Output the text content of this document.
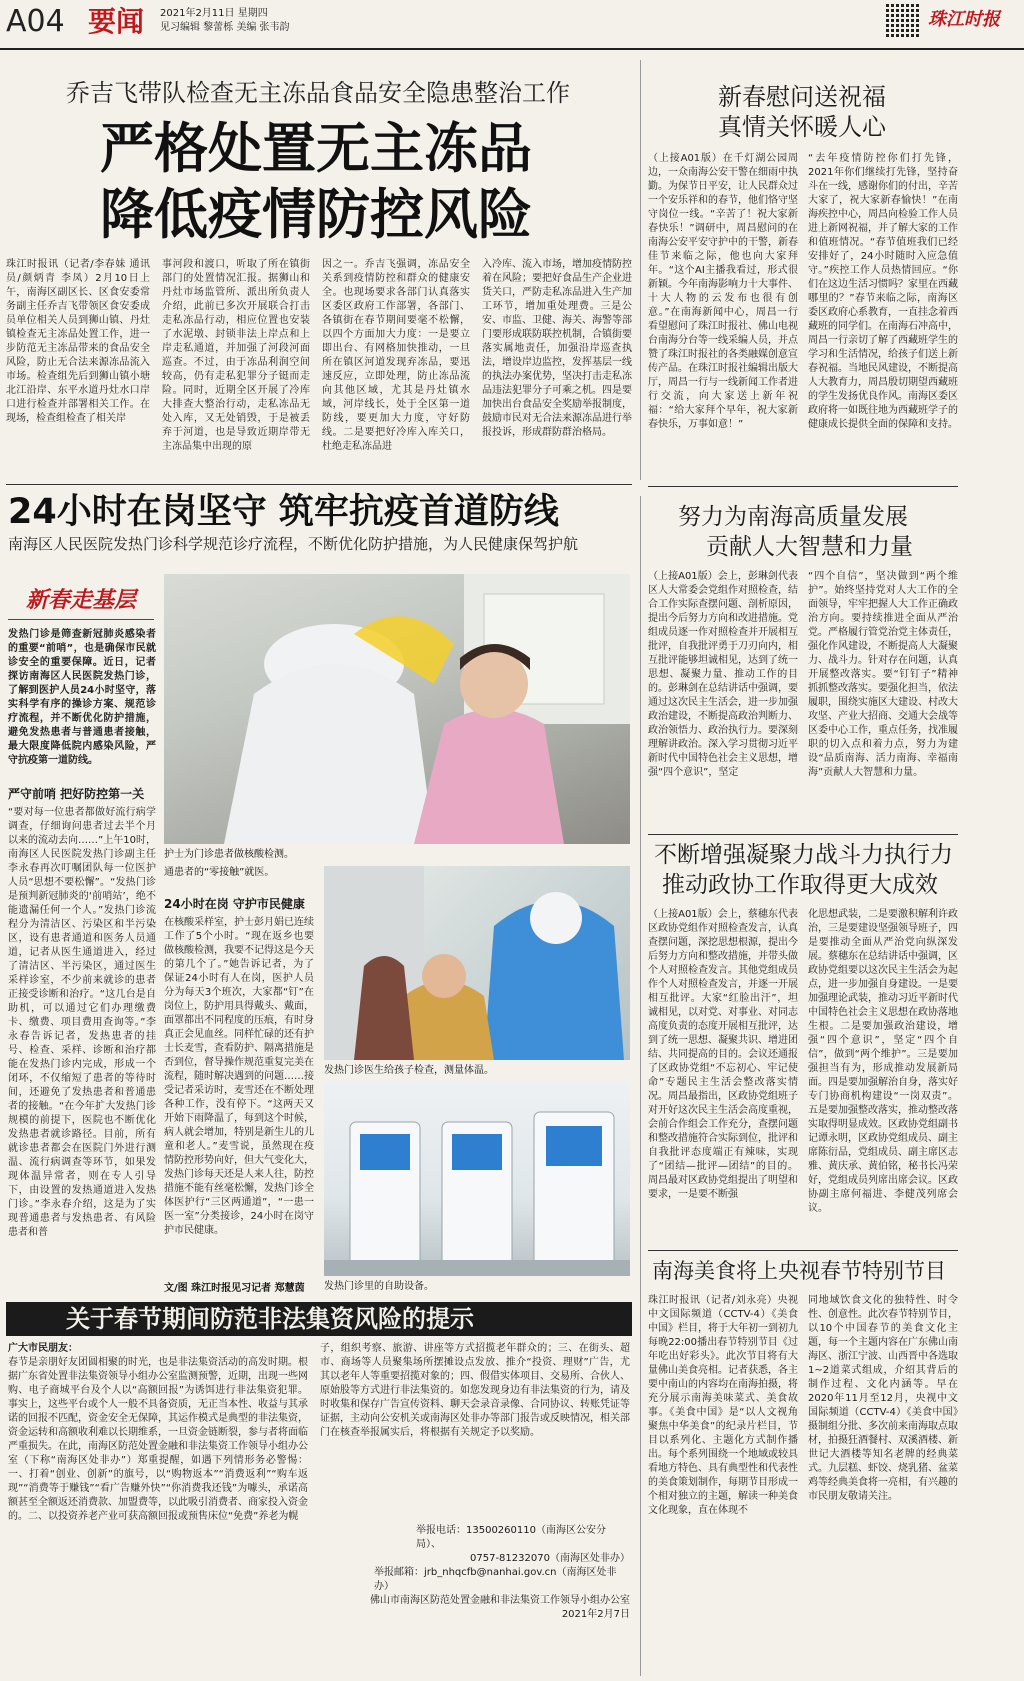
A04 要闻 2021年2月11日 星期四
见习编辑 黎蕾栎 美编 张韦韵	珠江时报
乔吉飞带队检查无主冻品食品安全隐患整治工作
严格处置无主冻品
降低疫情防控风险
珠江时报讯（记者/李春妹 通讯员/颜炳青 李凤）2月10日上午，南海区副区长、区食安委常务副主任乔吉飞带领区食安委成员单位相关人员到狮山镇、丹灶镇检查无主冻品处置工作，进一步防范无主冻品带来的食品安全风险，防止无合法来源冻品流入市场。检查组先后到狮山镇小塘北江沿岸、东平水道丹灶水口岸口进行检查并部署相关工作。在现场，检查组检查了相关岸
事河段和渡口，听取了所在镇街部门的处置情况汇报。据狮山和丹灶市场监管所、派出所负责人介绍，此前已多次开展联合打击走私冻品行动，相应位置也安装了水泥墩、封锁非法上岸点和上岸走私通道，并加强了河段河面巡查。不过，由于冻品利润空间较高，仍有走私犯罪分子铤而走险。同时，近期全区开展了冷库大排查大整治行动，走私冻品无处入库，又无处销毁，于是被丢弃于河道，也是导致近期岸带无主冻品集中出现的原
因之一。乔吉飞强调，冻品安全关系到疫情防控和群众的健康安全。也现场要求各部门认真落实区委区政府工作部署，各部门、各镇街在春节期间要毫不松懈，以四个方面加大力度：一是要立即出台、有网格加快推动，一旦所在镇区河道发现弃冻品，要迅速反应，立即处理，防止冻品流向其他区域，尤其是丹灶镇水域，河岸线长，处于全区第一道防线，要更加大力度，守好防线。二是要把好冷库入库关口，杜绝走私冻品进
入冷库、流入市场，增加疫情防控着在风险；要把好食品生产企业进货关口，严防走私冻品进入生产加工环节，增加重处理费。三是公安、市监、卫健、海关、海警等部门要形成联防联控机制，合镇街要落实属地责任，加强沿岸巡查执法，增设岸边监控，发挥基层一线的执法办案优势，坚决打击走私冻品违法犯罪分子可乘之机。四是要加快出台食品安全奖励举报制度，鼓励市民对无合法来源冻品进行举报投诉，形成群防群治格局。
新春慰问送祝福
真情关怀暖人心
（上接A01版）在千灯湖公园周边，一众南海公安干警在细雨中执勤。为保节日平安，让人民群众过一个安乐祥和的春节，他们恪守坚守岗位一线。“辛苦了！祝大家新春快乐！”调研中，周昌慰问的在南海公安平安守护中的干警，新春佳节来临之际，他也向大家拜年。“这个AI主播我看过，形式很新颖。今年南海影响力十大事件、十大人物的云发布也很有创意。”在南海新闻中心，周昌一行看望慰问了珠江时报社、佛山电视台南海分台等一线采编人员，并点赞了珠江时报社的各类融媒创意宣传产品。在珠江时报社编辑出版大厅，周昌一行与一线新闻工作者进行交流，向大家送上新年祝福：“给大家拜个早年，祝大家新春快乐，万事如意！”
“去年疫情防控你们打先锋，2021年你们继续打先锋，坚持奋斗在一线，感谢你们的付出，辛苦大家了，祝大家新春愉快！”在南海疾控中心，周昌向检验工作人员进上新网祝福，并了解大家的工作和值班情况。“春节值班我们已经安排好了，24小时随时入应急值守。”疾控工作人员热情回应。“你们在这边生活习惯吗？家里在西藏哪里的？”春节来临之际，南海区委区政府心系教育，一直挂念着西藏班的同学们。在南海石冲高中，周昌一行亲切了解了西藏班学生的学习和生活情况，给孩子们送上新春祝福。当地民风建设，不断提高人大教育力，周昌殷切期望西藏班的学生发扬优良作风。南海区委区政府将一如既往地为西藏班学子的健康成长提供全面的保障和支持。
24小时在岗坚守 筑牢抗疫首道防线
南海区人民医院发热门诊科学规范诊疗流程，不断优化防护措施，为人民健康保驾护航
新春走基层
发热门诊是筛查新冠肺炎感染者的重要“前哨”，也是确保市民就诊安全的重要保障。近日，记者探访南海区人民医院发热门诊，了解到医护人员24小时坚守，落实科学有序的操诊方案、规范诊疗流程，并不断优化防护措施，避免发热患者与普通患者接触，最大限度降低院内感染风险，严守抗疫第一道防线。
严守前哨 把好防控第一关
“要对每一位患者都做好流行病学调查，仔细询问患者过去半个月以来的流动去向……”上午10时，南海区人民医院发热门诊副主任李永春再次叮嘱团队每一位医护人员“思想不要松懈”。“发热门诊是预判新冠肺炎的‘前哨站’，绝不能遗漏任何一个人。”发热门诊流程分为清洁区、污染区和半污染区，设有患者通道和医务人员通道，记者从医生通道进入，经过了清洁区、半污染区，通过医生采样诊室，不少前来就诊的患者正接受诊断和治疗。“这几台是自助机，可以通过它们办理缴费卡、缴费、项目费用查询等。”李永春告诉记者，发热患者的挂号、检查、采样、诊断和治疗都能在发热门诊内完成，形成一个闭环，不仅缩短了患者的等待时间，还避免了发热患者和普通患者的接触。“在今年扩大发热门诊规模的前提下，医院也不断优化发热患者就诊路径。目前，所有就诊患者都会在医院门外进行测温、流行病调查等环节，如果发现体温异常者，则在专人引导下，由设置的发热通道进入发热门诊。”李永春介绍，这是为了实现普通患者与发热患者、有风险患者和普
护士为门诊患者做核酸检测。
通患者的“零接触”就医。
24小时在岗 守护市民健康
在核酸采样室，护士彭月娟已连续工作了5个小时。“现在返乡也要做核酸检测，我要不记得这是今天的第几个了。”她告诉记者，为了保证24小时有人在岗，医护人员分为每天3个班次，大家都“钉”在岗位上，防护用具得戴头、戴面，面罩都出不同程度的压痕，有时身真正会见血丝。同样忙碌的还有护士长麦雪，查看防护、隔离措施是否到位，督导操作规范重复完美在流程，随时解决遇到的问题……接受记者采访时，麦雪还在不断处理各种工作，没有停下。“这两天又开始下雨降温了，每到这个时候，病人就会增加，特别是新生儿的儿童和老人。”麦雪说，虽然现在疫情防控形势向好，但大气变化大，发热门诊每天还是人来人往，防控措施不能有丝毫松懈，发热门诊全体医护行“三区两通道”，“一患一医一室”分类接诊，24小时在岗守护市民健康。
文/图 珠江时报见习记者 郑慧茵
发热门诊医生给孩子检查，测量体温。
发热门诊里的自助设备。
努力为南海高质量发展
贡献人大智慧和力量
（上接A01版）会上，彭琳剑代表区人大常委会党组作对照检查，结合工作实际查摆问题、剖析原因，提出今后努力方向和改进措施。党组成员逐一作对照检查并开展相互批评，自我批评勇于刀刃向内，相互批评能够坦诚相见，达到了统一思想、凝聚力量、推动工作的目的。彭琳剑在总结讲话中强调，要通过这次民主生活会，进一步加强政治建设，不断提高政治判断力、政治领悟力、政治执行力。要深刻理解讲政治。深入学习贯彻习近平新时代中国特色社会主义思想，增强“四个意识”，坚定
“四个自信”，坚决做到“两个维护”。始终坚持党对人大工作的全面领导，牢牢把握人大工作正确政治方向。要持续推进全面从严治党。严格履行管党治党主体责任，强化作风建设，不断提高人大凝聚力、战斗力。针对存在问题，认真开展整改落实。要“钉钉子”精神抓抓整改落实。要强化担当，依法履职，围绕实施区大建设、村改大攻坚、产业大招商、交通大会战等区委中心工作，重点任务，找准履职的切入点和着力点，努力为建设“品质南海、活力南海、幸福南海”贡献人大智慧和力量。
不断增强凝聚力战斗力执行力
推动政协工作取得更大成效
（上接A01版）会上，蔡穗东代表区政协党组作对照检查发言，认真查摆问题，深挖思想根源，提出今后努力方向和整改措施，并带头做个人对照检查发言。其他党组成员作个人对照检查发言，并逐一开展相互批评。大家“红脸出汗”，坦诚相见，以对党、对事业、对同志高度负责的态度开展相互批评，达到了统一思想、凝聚共识、增进团结、共同提高的目的。会议还通报了区政协党组“不忘初心、牢记使命”专题民主生活会整改落实情况。周昌最指出，区政协党组班子对开好这次民主生活会高度重视，会前合作组会工作充分，查摆问题和整改措施符合实际到位，批评和自我批评态度端正有辣味，实现了“团结—批评—团结”的目的。周昌最对区政协党组提出了明望和要求，一是要不断强
化思想武装，二是要激积解利许政治，三是要建设坚强领导班子，四是要推动全面从严治党向纵深发展。蔡穗东在总结讲话中强调，区政协党组要以这次民主生活会为起点，进一步加强自身建设。一是要加强理论武装，推动习近平新时代中国特色社会主义思想在政协落地生根。二是要加强政治建设，增强“四个意识”，坚定“四个自信”，做到“两个维护”。三是要加强担当有为，形成推动发展新局面。四是要加强解治自身，落实好专门协商机构建设“一岗双责”。五是要加强整改落实，推动整改落实取得明显成效。区政协党组副书记谭永明，区政协党组成员、副主席陈衍品，党组成员、副主席区志雅、黄庆承、黄伯铭，秘书长冯荣好，党组成员列席出席会议。区政协副主席何福进、李健茂列席会议。
南海美食将上央视春节特别节目
珠江时报讯（记者/刘永亮）央视中文国际频道（CCTV-4）《美食中国》栏目，将于大年初一到初九每晚22:00播出春节特别节目《过年吃出好彩头》。此次节目将有大量佛山美食亮相。记者获悉，各主要中南山的内容均在南海拍摄，将充分展示南海美味菜式、美食故事。《美食中国》是“以人文视角聚焦中华美食”的纪录片栏目，节目以系列化、主题化方式制作播出。每个系列围绕一个地域或较具看地方特色、具有典型性和代表性的美食策划制作，每期节目形成一个相对独立的主题，解读一种美食文化现象，直在体现不
同地域饮食文化的独特性、时令性、创意性。此次春节特别节目，以10个中国春节的美食文化主题，每一个主题内容在广东佛山南海区、浙江宁波、山西晋中各选取1~2道菜式组成，介绍其背后的制作过程、文化内涵等。早在2020年11月至12月，央视中文国际频道（CCTV-4）《美食中国》摄制组分批、多次前来南海取点取材，拍摄狂酒餐村、双溪酒楼、新世记大酒楼等知名老牌的经典菜式。九层糕、虾饺、烧乳猪、盆菜鸡等经典美食将一亮相，有兴趣的市民朋友敬请关注。
关于春节期间防范非法集资风险的提示
广大市民朋友：
春节是亲朋好友团圆相聚的时光，也是非法集资活动的高发时期。根据广东省处置非法集资领导小组办公室监测预警，近期，出现一些网购、电子商城平台及个人以“高额回报”为诱饵进行非法集资犯罪。事实上，这些平台或个人一般不具备资质，无正当本性、收益与其承诺的回报不匹配，资金安全无保障，其运作模式是典型的非法集资，资金运转和高额收利难以长期维系，一旦资金链断裂，参与者将面临严重损失。在此，南海区防范处置金融和非法集资工作领导小组办公室（下称“南海区处非办”）郑重提醒，如遇下列情形务必警惕：一、打着“创业、创新”的旗号，以“购物返本”“消费返利”“购车返现”“消费等于赚钱”“看广告赚外快”“你消费我还钱”为噱头，承诺高额甚至全额返还消费款、加盟费等，以此吸引消费者、商家投入资金的。二、以投资养老产业可获高额回报或预售床位“免费”养老为幌
子，组织考察、旅游、讲座等方式招揽老年群众的；三、在街头、超市、商场等人员聚集场所摆摊设点发放、推介“投资、理财”广告，尤其以老年人等重要招揽对象的；四、假借实体项目、交易所、合伙人、原始股等方式进行非法集资的。如您发现身边有非法集资的行为，请及时收集和保存广告宣传资料、聊天会录音录像、合同协议、转账凭证等证据，主动向公安机关或南海区处非办等部门报告或反映情况，相关部门在核查举报属实后，将根据有关规定予以奖励。
举报电话：13500260110（南海区公安分局）、
0757-81232070（南海区处非办）
举报邮箱：jrb_nhqcfb@nanhai.gov.cn（南海区处非办）
佛山市南海区防范处置金融和非法集资工作领导小组办公室
2021年2月7日
